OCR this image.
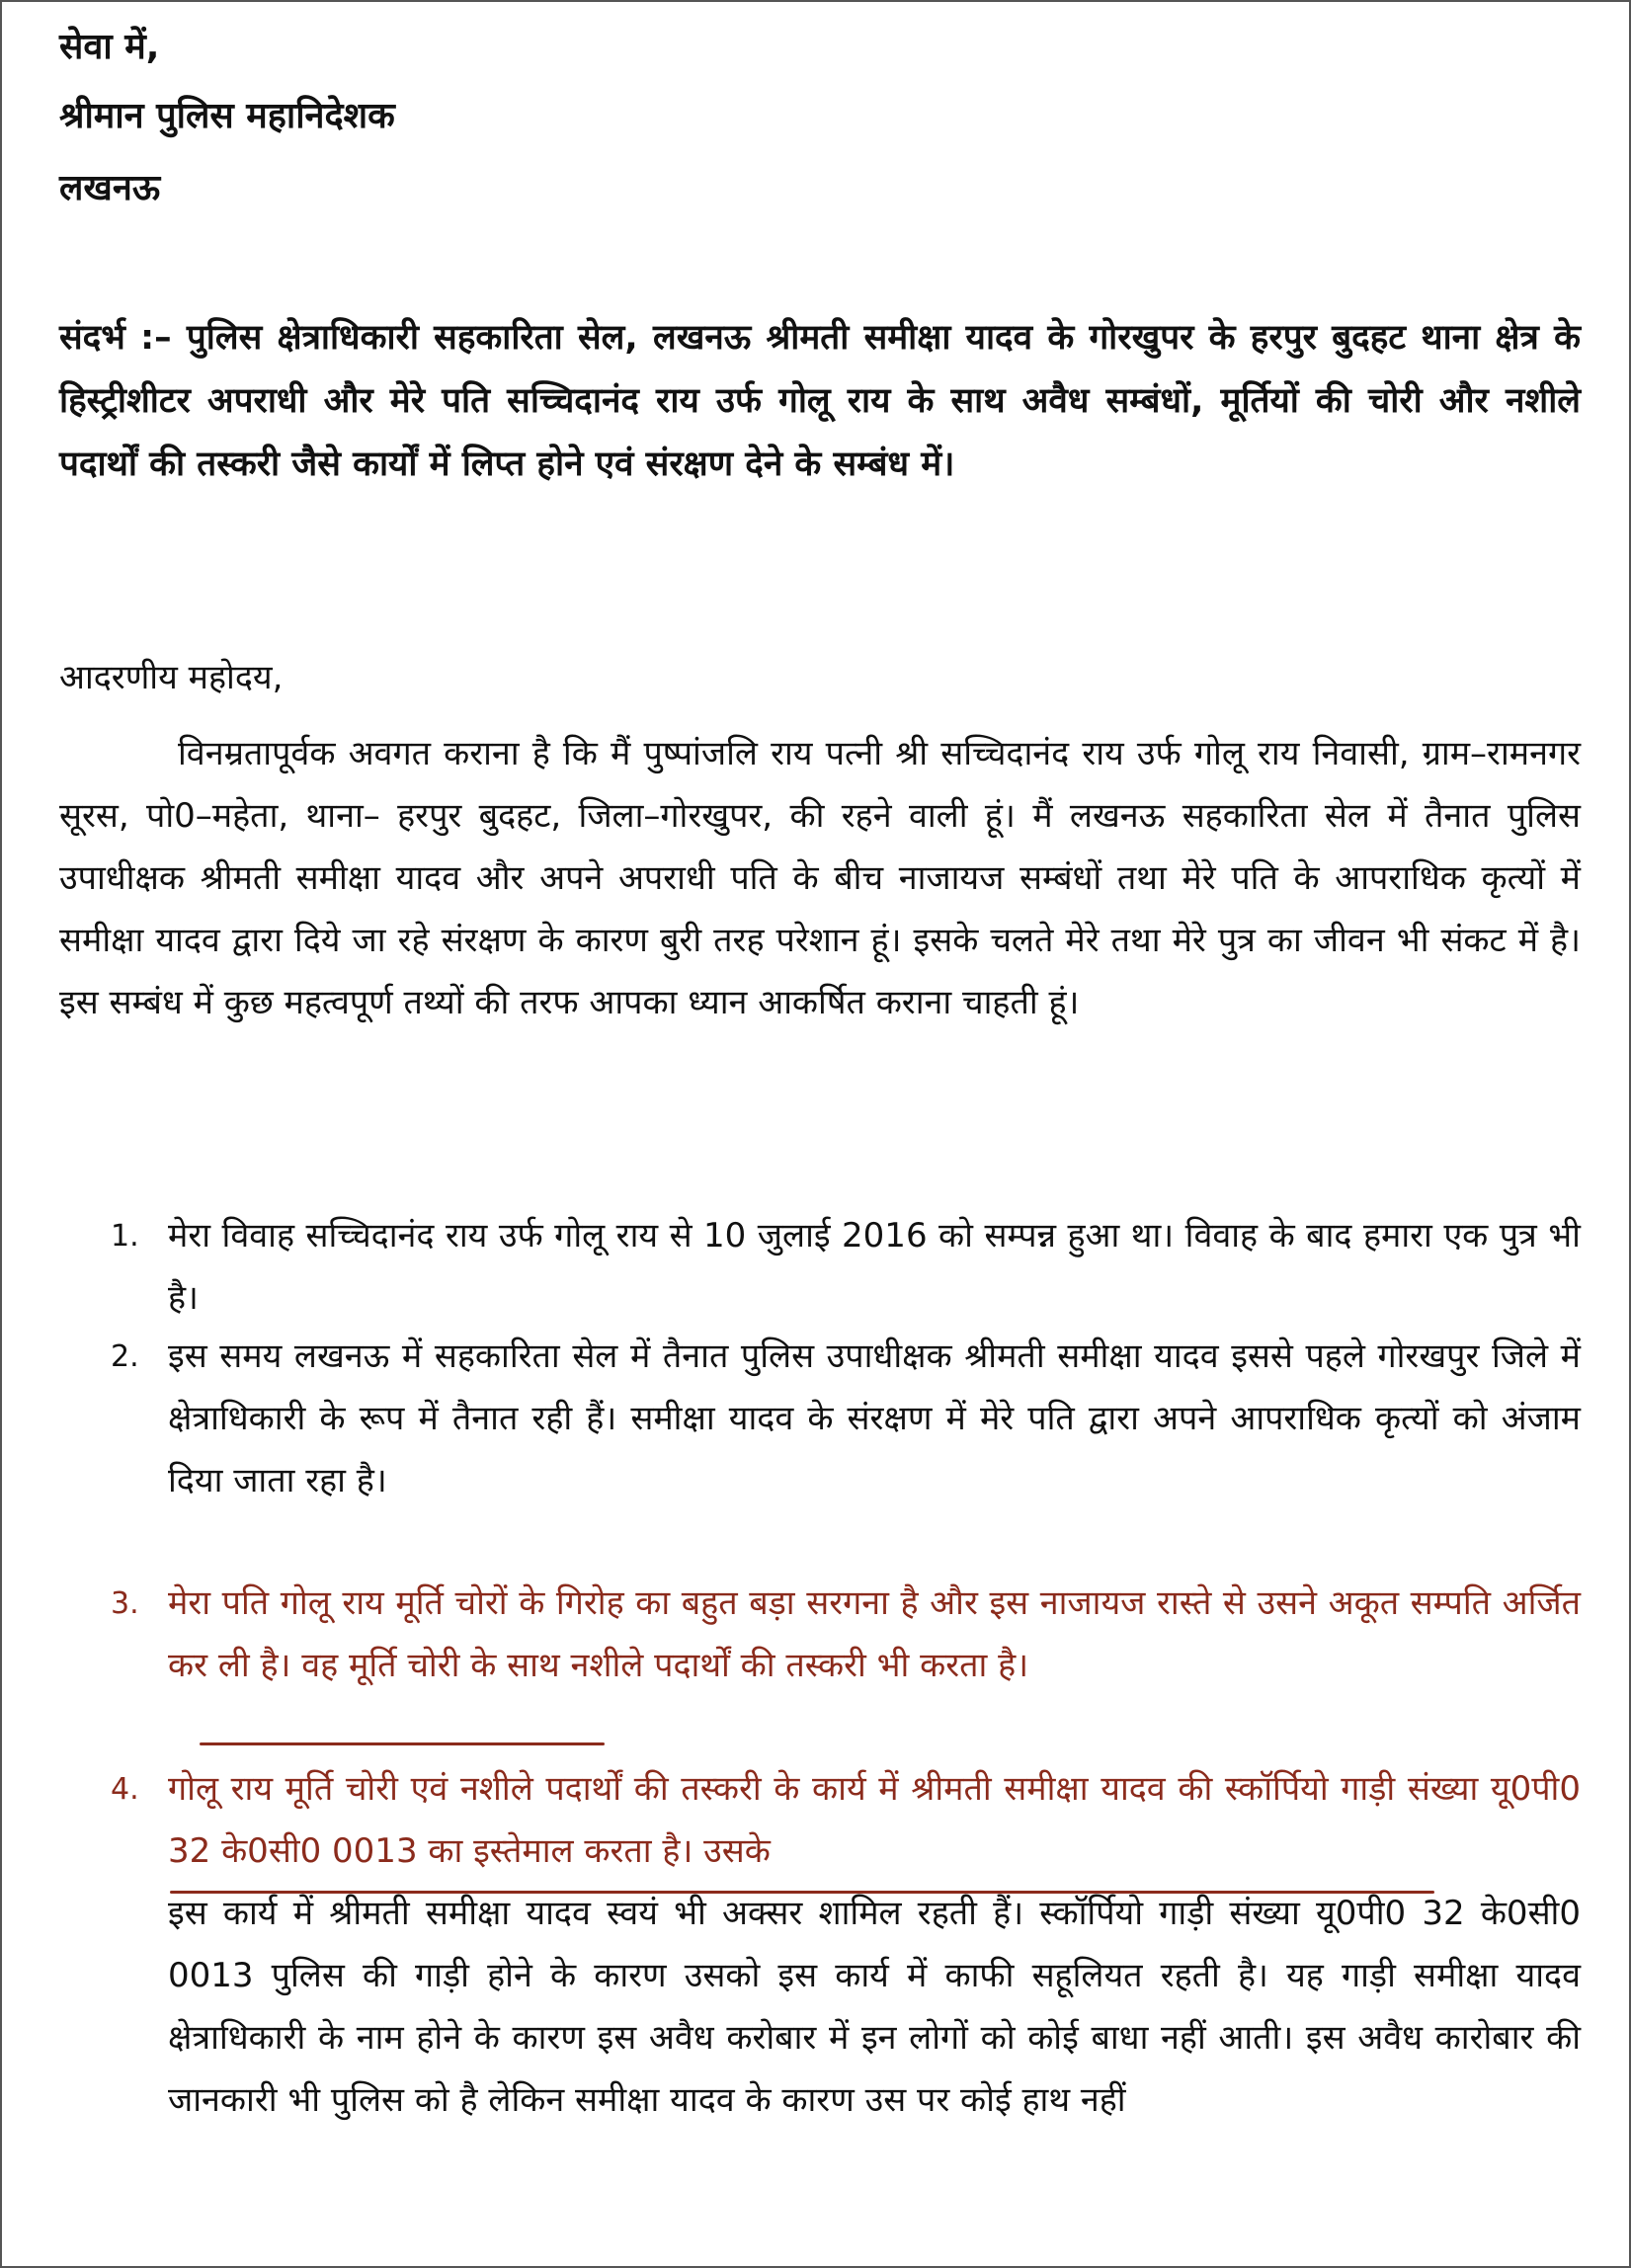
सेवा में,

श्रीमान पुलिस महानिदेशक

लखनऊ

संदर्भ :– पुलिस क्षेत्राधिकारी सहकारिता सेल, लखनऊ श्रीमती समीक्षा यादव के गोरखुपर के हरपुर बुदहट थाना क्षेत्र के हिस्ट्रीशीटर अपराधी और मेरे पति सच्चिदानंद राय उर्फ गोलू राय के साथ अवैध सम्बंधों, मूर्तियों की चोरी और नशीले पदार्थों की तस्करी जैसे कार्यों में लिप्त होने एवं संरक्षण देने के सम्बंध में।

आदरणीय महोदय,

विनम्रतापूर्वक अवगत कराना है कि मैं पुष्पांजलि राय पत्नी श्री सच्चिदानंद राय उर्फ गोलू राय निवासी, ग्राम–रामनगर सूरस, पो0–महेता, थाना– हरपुर बुदहट, जिला–गोरखुपर, की रहने वाली हूं। मैं लखनऊ सहकारिता सेल में तैनात पुलिस उपाधीक्षक श्रीमती समीक्षा यादव और अपने अपराधी पति के बीच नाजायज सम्बंधों तथा मेरे पति के आपराधिक कृत्यों में समीक्षा यादव द्वारा दिये जा रहे संरक्षण के कारण बुरी तरह परेशान हूं। इसके चलते मेरे तथा मेरे पुत्र का जीवन भी संकट में है। इस सम्बंध में कुछ महत्वपूर्ण तथ्यों की तरफ आपका ध्यान आकर्षित कराना चाहती हूं।

1. मेरा विवाह सच्चिदानंद राय उर्फ गोलू राय से 10 जुलाई 2016 को सम्पन्न हुआ था। विवाह के बाद हमारा एक पुत्र भी है।

2. इस समय लखनऊ में सहकारिता सेल में तैनात पुलिस उपाधीक्षक श्रीमती समीक्षा यादव इससे पहले गोरखपुर जिले में क्षेत्राधिकारी के रूप में तैनात रही हैं। समीक्षा यादव के संरक्षण में मेरे पति द्वारा अपने आपराधिक कृत्यों को अंजाम दिया जाता रहा है।

3. मेरा पति गोलू राय मूर्ति चोरों के गिरोह का बहुत बड़ा सरगना है और इस नाजायज रास्ते से उसने अकूत सम्पति अर्जित कर ली है। वह मूर्ति चोरी के साथ नशीले पदार्थों की तस्करी भी करता है।

4. गोलू राय मूर्ति चोरी एवं नशीले पदार्थों की तस्करी के कार्य में श्रीमती समीक्षा यादव की स्कॉर्पियो गाड़ी संख्या यू0पी0 32 के0सी0 0013 का इस्तेमाल करता है। उसके

इस कार्य में श्रीमती समीक्षा यादव स्वयं भी अक्सर शामिल रहती हैं। स्कॉर्पियो गाड़ी संख्या यू0पी0 32 के0सी0 0013 पुलिस की गाड़ी होने के कारण उसको इस कार्य में काफी सहूलियत रहती है। यह गाड़ी समीक्षा यादव क्षेत्राधिकारी के नाम होने के कारण इस अवैध करोबार में इन लोगों को कोई बाधा नहीं आती। इस अवैध कारोबार की जानकारी भी पुलिस को है लेकिन समीक्षा यादव के कारण उस पर कोई हाथ नहीं
